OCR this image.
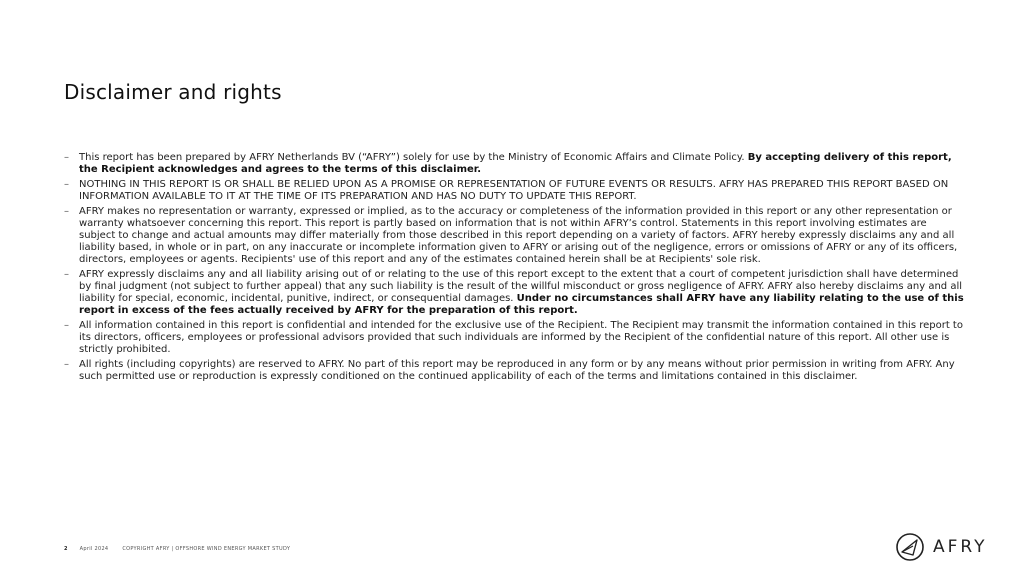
Disclaimer and rights
– This report has been prepared by AFRY Netherlands BV (“AFRY”) solely for use by the Ministry of Economic Affairs and Climate Policy. By accepting delivery of this report, the Recipient acknowledges and agrees to the terms of this disclaimer.
– NOTHING IN THIS REPORT IS OR SHALL BE RELIED UPON AS A PROMISE OR REPRESENTATION OF FUTURE EVENTS OR RESULTS. AFRY HAS PREPARED THIS REPORT BASED ON INFORMATION AVAILABLE TO IT AT THE TIME OF ITS PREPARATION AND HAS NO DUTY TO UPDATE THIS REPORT.
– AFRY makes no representation or warranty, expressed or implied, as to the accuracy or completeness of the information provided in this report or any other representation or warranty whatsoever concerning this report. This report is partly based on information that is not within AFRY’s control. Statements in this report involving estimates are subject to change and actual amounts may differ materially from those described in this report depending on a variety of factors. AFRY hereby expressly disclaims any and all liability based, in whole or in part, on any inaccurate or incomplete information given to AFRY or arising out of the negligence, errors or omissions of AFRY or any of its officers, directors, employees or agents. Recipients' use of this report and any of the estimates contained herein shall be at Recipients' sole risk.
– AFRY expressly disclaims any and all liability arising out of or relating to the use of this report except to the extent that a court of competent jurisdiction shall have determined by final judgment (not subject to further appeal) that any such liability is the result of the willful misconduct or gross negligence of AFRY. AFRY also hereby disclaims any and all liability for special, economic, incidental, punitive, indirect, or consequential damages. Under no circumstances shall AFRY have any liability relating to the use of this report in excess of the fees actually received by AFRY for the preparation of this report.
– All information contained in this report is confidential and intended for the exclusive use of the Recipient. The Recipient may transmit the information contained in this report to its directors, officers, employees or professional advisors provided that such individuals are informed by the Recipient of the confidential nature of this report. All other use is strictly prohibited.
– All rights (including copyrights) are reserved to AFRY. No part of this report may be reproduced in any form or by any means without prior permission in writing from AFRY. Any such permitted use or reproduction is expressly conditioned on the continued applicability of each of the terms and limitations contained in this disclaimer.
2 April 2024	COPYRIGHT AFRY | OFFSHORE WIND ENERGY MARKET STUDY	AFRY
